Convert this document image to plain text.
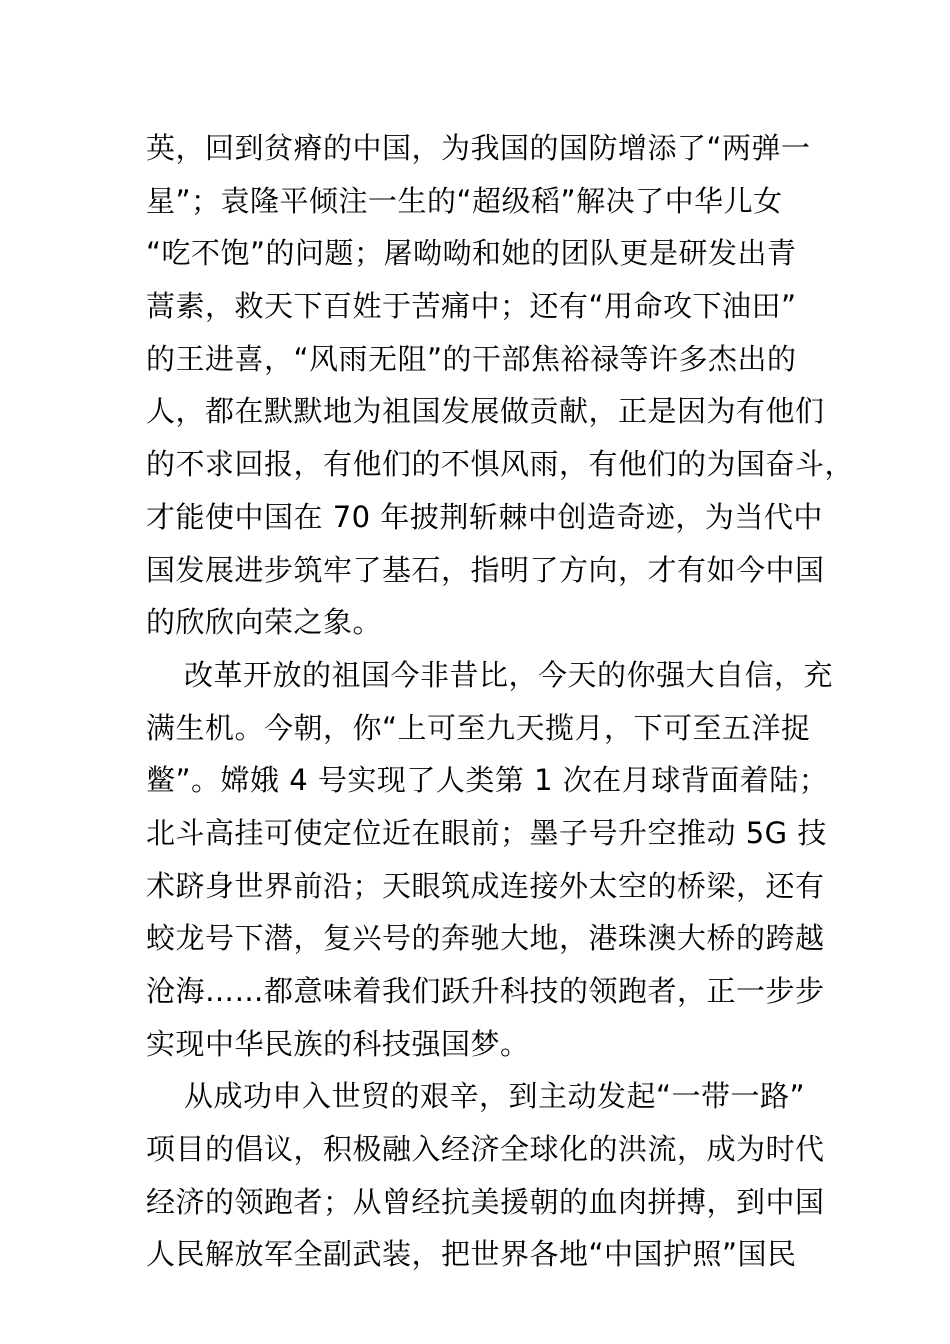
英，回到贫瘠的中国，为我国的国防增添了“两弹一
星”；袁隆平倾注一生的“超级稻”解决了中华儿女
“吃不饱”的问题；屠呦呦和她的团队更是研发出青
蒿素，救天下百姓于苦痛中；还有“用命攻下油田”
的王进喜，“风雨无阻”的干部焦裕禄等许多杰出的
人，都在默默地为祖国发展做贡献，正是因为有他们
的不求回报，有他们的不惧风雨，有他们的为国奋斗，
才能使中国在 70 年披荆斩棘中创造奇迹，为当代中
国发展进步筑牢了基石，指明了方向，才有如今中国
的欣欣向荣之象。
改革开放的祖国今非昔比，今天的你强大自信，充
满生机。今朝，你“上可至九天揽月，下可至五洋捉
鳖”。嫦娥 4 号实现了人类第 1 次在月球背面着陆；
北斗高挂可使定位近在眼前；墨子号升空推动 5G 技
术跻身世界前沿；天眼筑成连接外太空的桥梁，还有
蛟龙号下潜，复兴号的奔驰大地，港珠澳大桥的跨越
沧海……都意味着我们跃升科技的领跑者，正一步步
实现中华民族的科技强国梦。
从成功申入世贸的艰辛，到主动发起“一带一路”
项目的倡议，积极融入经济全球化的洪流，成为时代
经济的领跑者；从曾经抗美援朝的血肉拼搏，到中国
人民解放军全副武装，把世界各地“中国护照”国民
